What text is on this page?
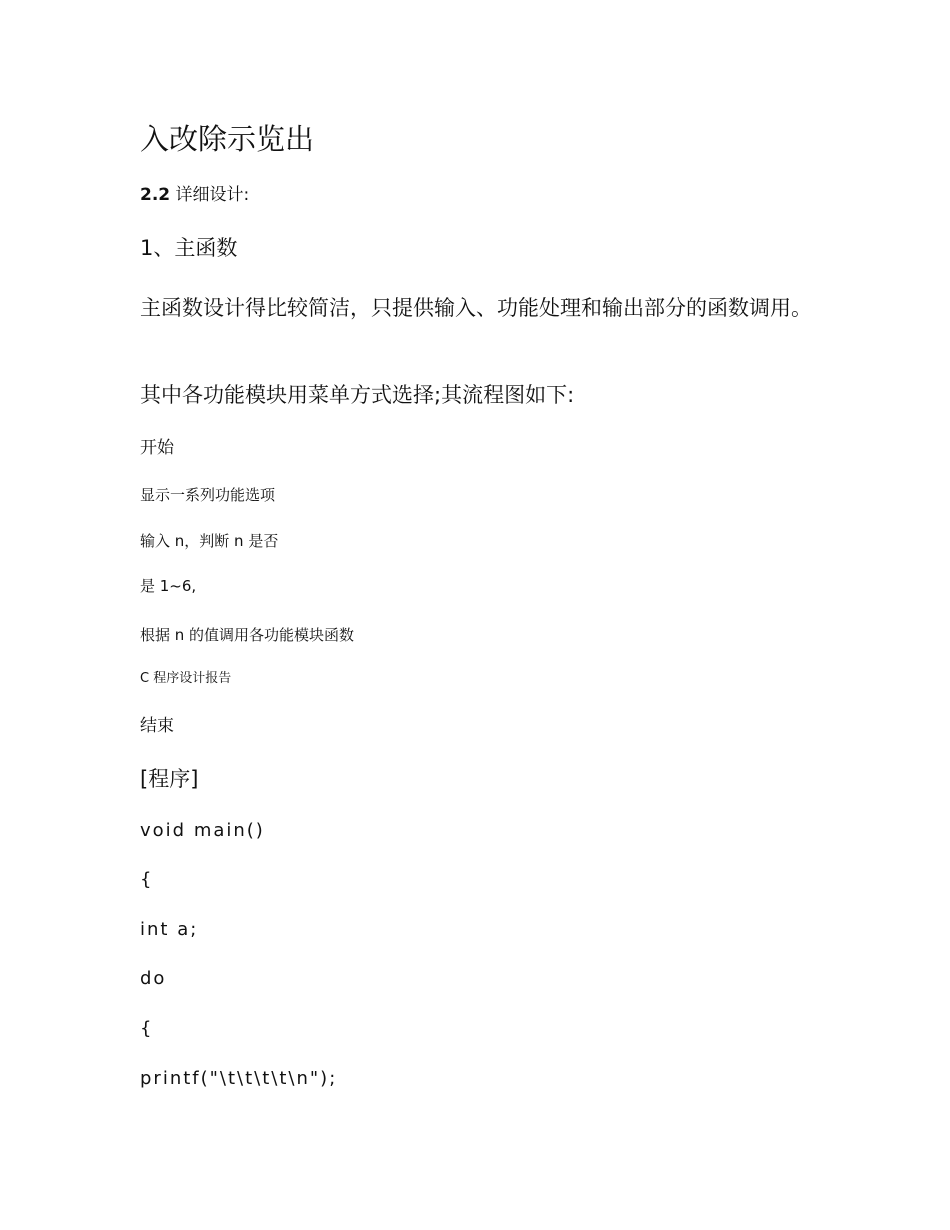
入改除示览出
2.2 详细设计:
1、主函数
主函数设计得比较简洁，只提供输入、功能处理和输出部分的函数调用。
其中各功能模块用菜单方式选择;其流程图如下:
开始
显示一系列功能选项
输入 n，判断 n 是否
是 1~6,
根据 n 的值调用各功能模块函数
C 程序设计报告
结束
[程序]
void main()
{
int a;
do
{
printf("\t\t\t\t\n");
